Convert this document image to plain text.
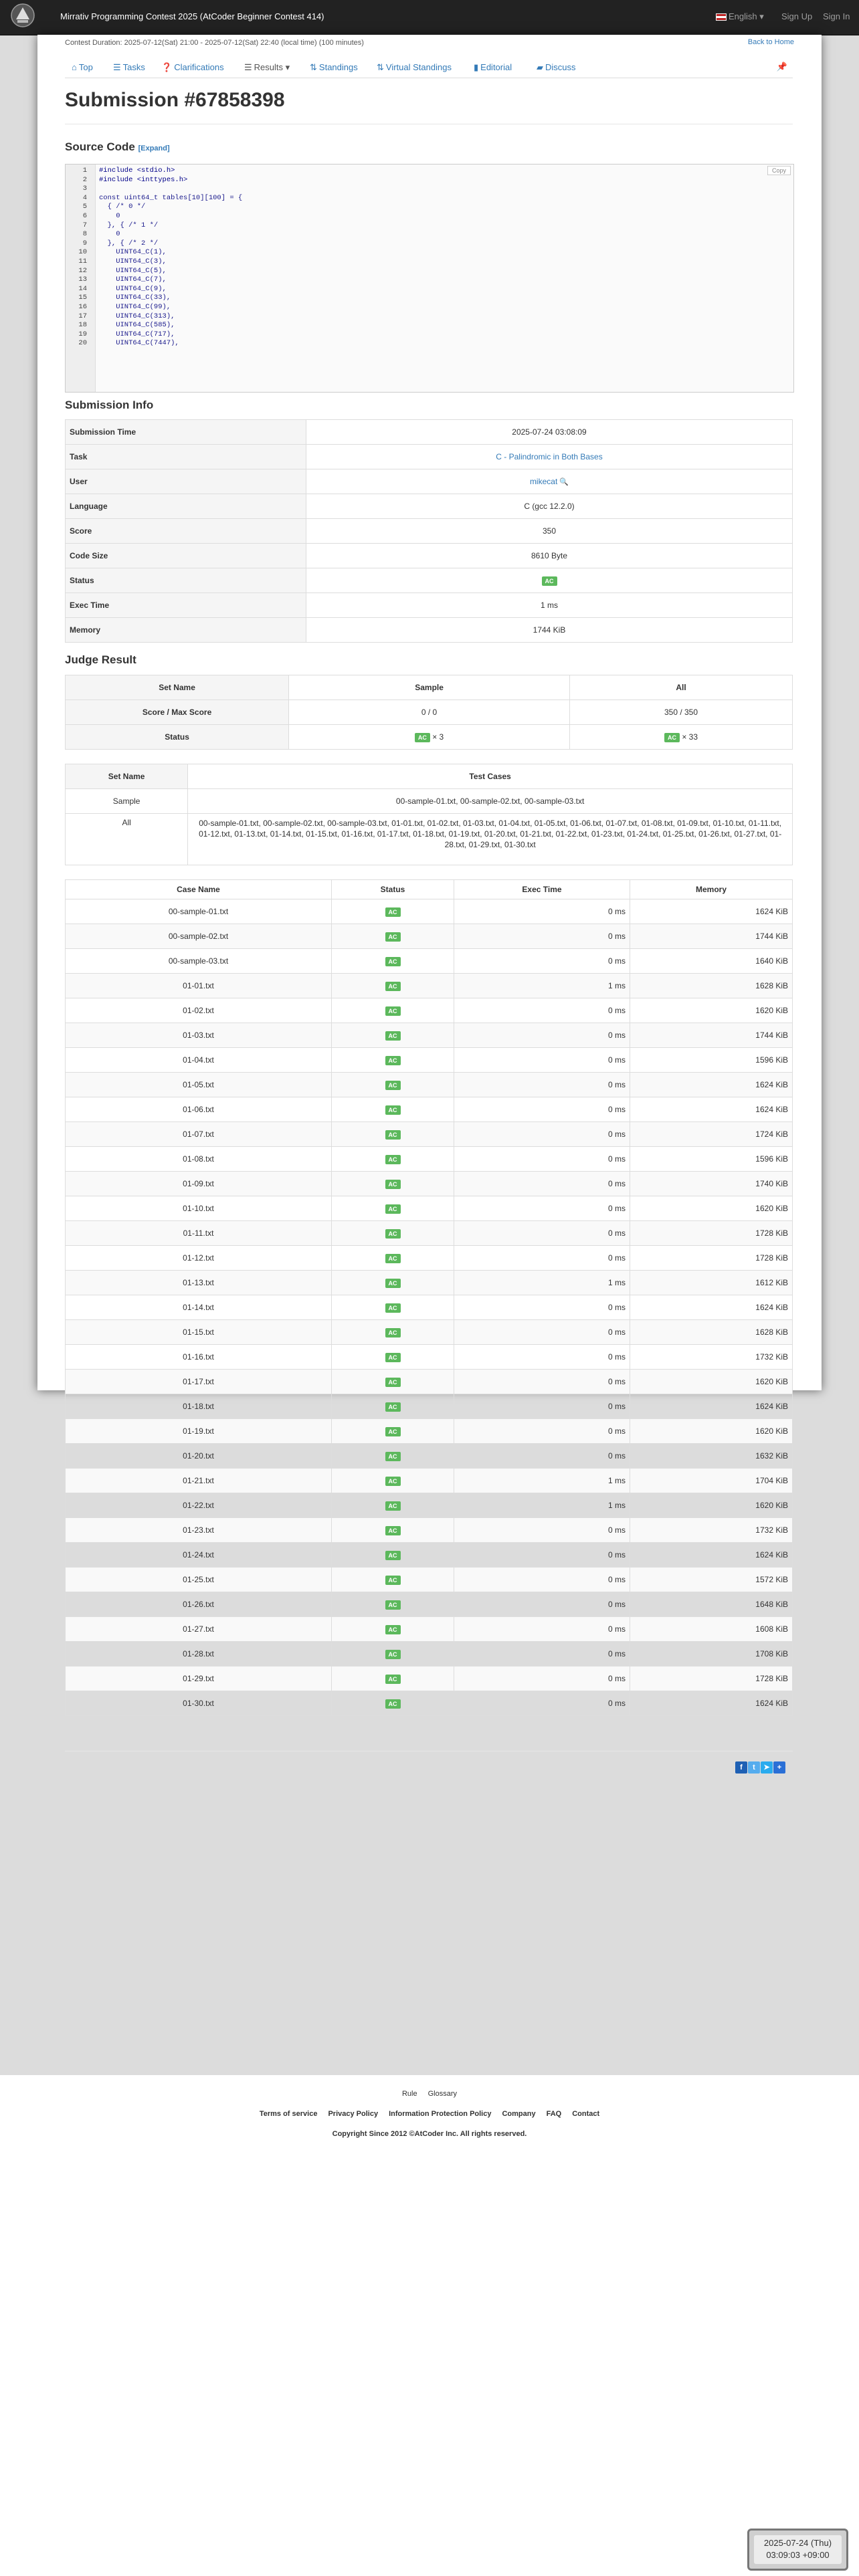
Mirrativ Programming Contest 2025 (AtCoder Beginner Contest 414)	English ▾ Sign Up Sign In
Contest Duration: 2025-07-12(Sat) 21:00 - 2025-07-12(Sat) 22:40 (local time) (100 minutes)	Back to Home
⌂ Top ☰ Tasks ❓ Clarifications ☰ Results ▾ ⇅ Standings ⇅ Virtual Standings	▮ Editorial	▰ Discuss	📌
Submission #67858398
Source Code [Expand]
1
2
3
4
5
6
7
8
9
10
11
12
13
14
15
16
17
18
19
20
#include <stdio.h>
#include <inttypes.h>
const uint64_t tables[10][100] = {
{ /* 0 */
0
}, { /* 1 */
0
}, { /* 2 */
UINT64_C(1),
UINT64_C(3),
UINT64_C(5),
UINT64_C(7),
UINT64_C(9),
UINT64_C(33),
UINT64_C(99),
UINT64_C(313),
UINT64_C(585),
UINT64_C(717),
UINT64_C(7447),
Copy
Submission Info
Submission Time	2025-07-24 03:08:09
Task	C - Palindromic in Both Bases
User	mikecat 🔍
Language	C (gcc 12.2.0)
Score	350
Code Size	8610 Byte
Status	AC
Exec Time	1 ms
Memory	1744 KiB
Judge Result
Set Name	Sample	All
Score / Max Score	0 / 0	350 / 350
Status	AC × 3	AC × 33
Set Name	Test Cases
Sample	00-sample-01.txt, 00-sample-02.txt, 00-sample-03.txt
All	00-sample-01.txt, 00-sample-02.txt, 00-sample-03.txt, 01-01.txt, 01-02.txt, 01-03.txt, 01-04.txt, 01-05.txt, 01-06.txt, 01-07.txt, 01-08.txt, 01-09.txt, 01-10.txt, 01-11.txt, 01-12.txt, 01-13.txt, 01-14.txt, 01-15.txt, 01-16.txt, 01-17.txt, 01-18.txt, 01-19.txt, 01-20.txt, 01-21.txt, 01-22.txt, 01-23.txt, 01-24.txt, 01-25.txt, 01-26.txt, 01-27.txt, 01-28.txt, 01-29.txt, 01-30.txt
Case Name	Status	Exec Time	Memory
00-sample-01.txt	AC	0 ms	1624 KiB
00-sample-02.txt	AC	0 ms	1744 KiB
00-sample-03.txt	AC	0 ms	1640 KiB
01-01.txt	AC	1 ms	1628 KiB
01-02.txt	AC	0 ms	1620 KiB
01-03.txt	AC	0 ms	1744 KiB
01-04.txt	AC	0 ms	1596 KiB
01-05.txt	AC	0 ms	1624 KiB
01-06.txt	AC	0 ms	1624 KiB
01-07.txt	AC	0 ms	1724 KiB
01-08.txt	AC	0 ms	1596 KiB
01-09.txt	AC	0 ms	1740 KiB
01-10.txt	AC	0 ms	1620 KiB
01-11.txt	AC	0 ms	1728 KiB
01-12.txt	AC	0 ms	1728 KiB
01-13.txt	AC	1 ms	1612 KiB
01-14.txt	AC	0 ms	1624 KiB
01-15.txt	AC	0 ms	1628 KiB
01-16.txt	AC	0 ms	1732 KiB
01-17.txt	AC	0 ms	1620 KiB
01-18.txt	AC	0 ms	1624 KiB
01-19.txt	AC	0 ms	1620 KiB
01-20.txt	AC	0 ms	1632 KiB
01-21.txt	AC	1 ms	1704 KiB
01-22.txt	AC	1 ms	1620 KiB
01-23.txt	AC	0 ms	1732 KiB
01-24.txt	AC	0 ms	1624 KiB
01-25.txt	AC	0 ms	1572 KiB
01-26.txt	AC	0 ms	1648 KiB
01-27.txt	AC	0 ms	1608 KiB
01-28.txt	AC	0 ms	1708 KiB
01-29.txt	AC	0 ms	1728 KiB
01-30.txt	AC	0 ms	1624 KiB
f t ➤ +
Rule Glossary
Terms of service Privacy Policy Information Protection Policy Company FAQ Contact
Copyright Since 2012 ©AtCoder Inc. All rights reserved.
2025-07-24 (Thu)
03:09:03 +09:00
